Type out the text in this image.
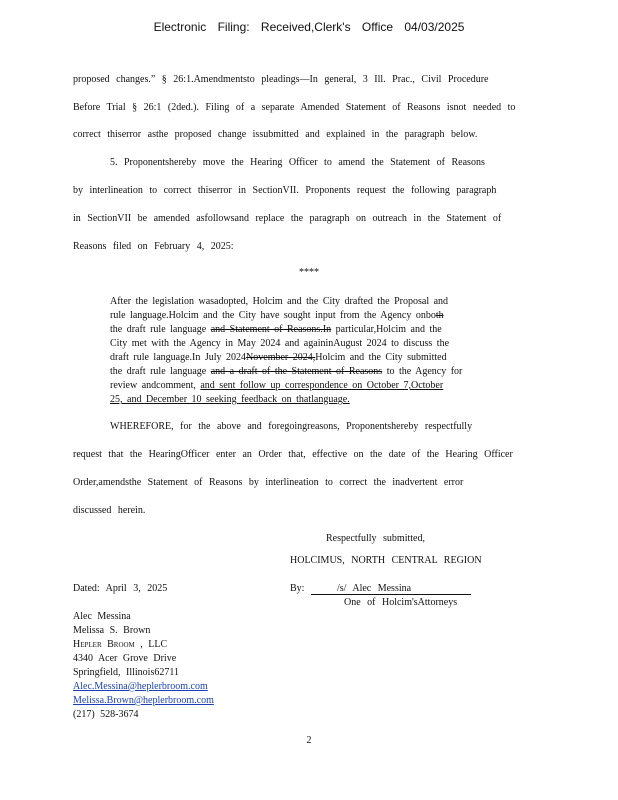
Electronic Filing: Received,Clerk's Office 04/03/2025
proposed changes.” § 26:1.Amendmentsto pleadings—In general, 3 Ill. Prac., Civil Procedure
Before Trial § 26:1 (2ded.). Filing of a separate Amended Statement of Reasons isnot needed to
correct thiserror asthe proposed change issubmitted and explained in the paragraph below.
5. Proponentshereby move the Hearing Officer to amend the Statement of Reasons
by interlineation to correct thiserror in SectionVII. Proponents request the following paragraph
in SectionVII be amended asfollowsand replace the paragraph on outreach in the Statement of
Reasons filed on February 4, 2025:
****
After the legislation wasadopted, Holcim and the City drafted the Proposal and
rule language.Holcim and the City have sought input from the Agency onboth
the draft rule language and Statement of Reasons.In particular,Holcim and the
City met with the Agency in May 2024 and againinAugust 2024 to discuss the
draft rule language.In July 2024November 2024,Holcim and the City submitted
the draft rule language and a draft of the Statement of Reasons to the Agency for
review andcomment, and sent follow up correspondence on October 7,October
25, and December 10 seeking feedback on thatlanguage.
WHEREFORE, for the above and foregoingreasons, Proponentshereby respectfully
request that the HearingOfficer enter an Order that, effective on the date of the Hearing Officer
Order,amendsthe Statement of Reasons by interlineation to correct the inadvertent error
discussed herein.
Respectfully submitted,
HOLCIMUS, NORTH CENTRAL REGION
Dated: April 3, 2025	By:	/s/ Alec Messina
One of Holcim'sAttorneys
Alec Messina
Melissa S. Brown
Hepler Broom , LLC
4340 Acer Grove Drive
Springfield, Illinois62711
Alec.Messina@heplerbroom.com
Melissa.Brown@heplerbroom.com
(217) 528-3674
2
